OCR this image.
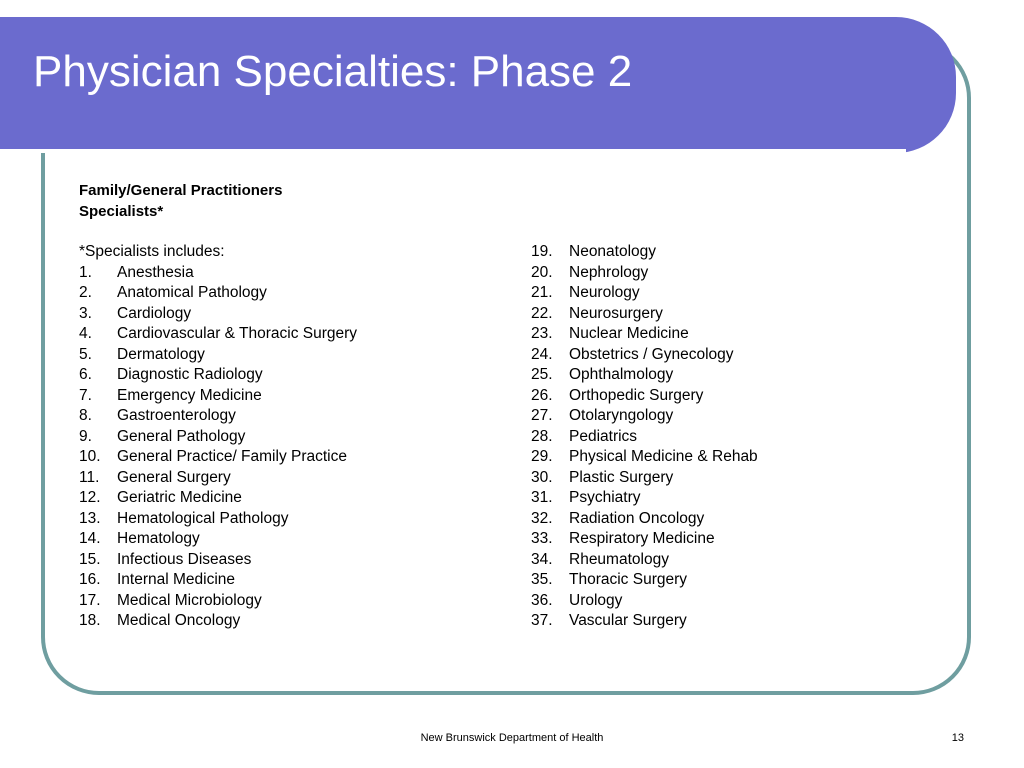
Physician Specialties: Phase 2

Family/General Practitioners

Specialists*

*Specialists includes:
1.	Anesthesia
2.	Anatomical Pathology
3.	Cardiology
4.	Cardiovascular & Thoracic Surgery
5.	Dermatology
6.	Diagnostic Radiology
7.	Emergency Medicine
8.	Gastroenterology
9.	General Pathology
10.	General Practice/ Family Practice
11.	General Surgery
12.	Geriatric Medicine
13.	Hematological Pathology
14.	Hematology
15.	Infectious Diseases
16.	Internal Medicine
17.	Medical Microbiology
18.	Medical Oncology
19.	Neonatology
20.	Nephrology
21.	Neurology
22.	Neurosurgery
23.	Nuclear Medicine
24.	Obstetrics / Gynecology
25.	Ophthalmology
26.	Orthopedic Surgery
27.	Otolaryngology
28.	Pediatrics
29.	Physical Medicine & Rehab
30.	Plastic Surgery
31.	Psychiatry
32.	Radiation Oncology
33.	Respiratory Medicine
34.	Rheumatology
35.	Thoracic Surgery
36.	Urology
37.	Vascular Surgery
New Brunswick Department of Health	13
